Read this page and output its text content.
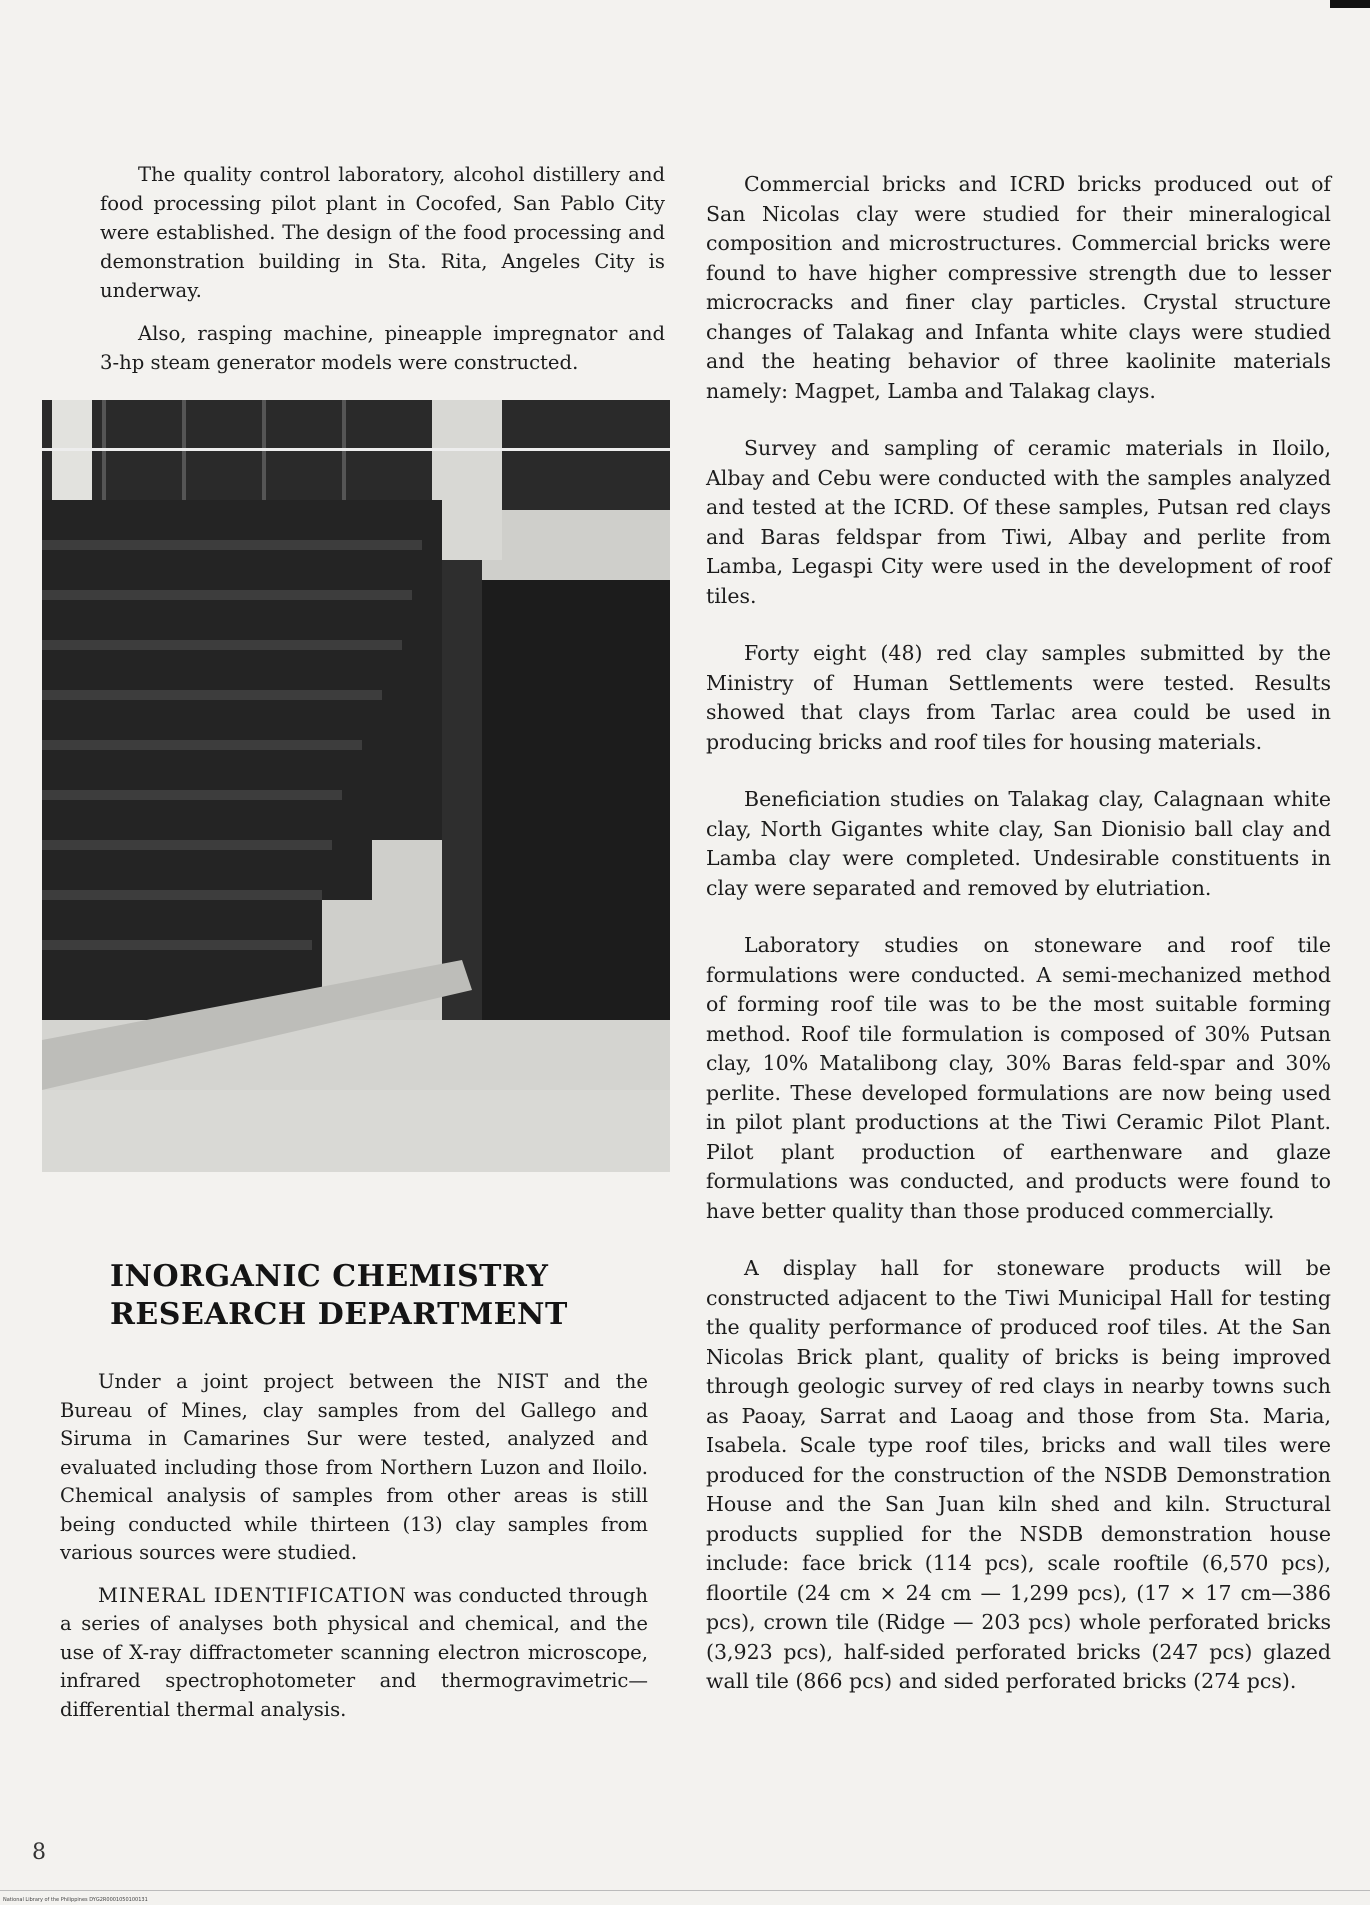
The quality control laboratory, alcohol distillery and food processing pilot plant in Cocofed, San Pablo City were established. The design of the food processing and demonstration building in Sta. Rita, Angeles City is underway.

Also, rasping machine, pineapple impregnator and 3-hp steam generator models were constructed.

INORGANIC CHEMISTRY
RESEARCH DEPARTMENT

Under a joint project between the NIST and the Bureau of Mines, clay samples from del Gallego and Siruma in Camarines Sur were tested, analyzed and evaluated including those from Northern Luzon and Iloilo. Chemical analysis of samples from other areas is still being conducted while thirteen (13) clay samples from various sources were studied.

MINERAL IDENTIFICATION was conducted through a series of analyses both physical and chemical, and the use of X-ray diffractometer scanning electron microscope, infrared spectrophotometer and thermogravimetric—differential thermal analysis.

Commercial bricks and ICRD bricks produced out of San Nicolas clay were studied for their mineralogical composition and microstructures. Commercial bricks were found to have higher compressive strength due to lesser microcracks and finer clay particles. Crystal structure changes of Talakag and Infanta white clays were studied and the heating behavior of three kaolinite materials namely: Magpet, Lamba and Talakag clays.

Survey and sampling of ceramic materials in Iloilo, Albay and Cebu were conducted with the samples analyzed and tested at the ICRD. Of these samples, Putsan red clays and Baras feldspar from Tiwi, Albay and perlite from Lamba, Legaspi City were used in the development of roof tiles.

Forty eight (48) red clay samples submitted by the Ministry of Human Settlements were tested. Results showed that clays from Tarlac area could be used in producing bricks and roof tiles for housing materials.

Beneficiation studies on Talakag clay, Calagnaan white clay, North Gigantes white clay, San Dionisio ball clay and Lamba clay were completed. Undesirable constituents in clay were separated and removed by elutriation.

Laboratory studies on stoneware and roof tile formulations were conducted. A semi-mechanized method of forming roof tile was to be the most suitable forming method. Roof tile formulation is composed of 30% Putsan clay, 10% Matalibong clay, 30% Baras feld-spar and 30% perlite. These developed formulations are now being used in pilot plant productions at the Tiwi Ceramic Pilot Plant. Pilot plant production of earthenware and glaze formulations was conducted, and products were found to have better quality than those produced commercially.

A display hall for stoneware products will be constructed adjacent to the Tiwi Municipal Hall for testing the quality performance of produced roof tiles. At the San Nicolas Brick plant, quality of bricks is being improved through geologic survey of red clays in nearby towns such as Paoay, Sarrat and Laoag and those from Sta. Maria, Isabela. Scale type roof tiles, bricks and wall tiles were produced for the construction of the NSDB Demonstration House and the San Juan kiln shed and kiln. Structural products supplied for the NSDB demonstration house include: face brick (114 pcs), scale rooftile (6,570 pcs), floortile (24 cm × 24 cm — 1,299 pcs), (17 × 17 cm—386 pcs), crown tile (Ridge — 203 pcs) whole perforated bricks (3,923 pcs), half-sided perforated bricks (247 pcs) glazed wall tile (866 pcs) and sided perforated bricks (274 pcs).

8
National Library of the Philippines DYG2R0001050100131
